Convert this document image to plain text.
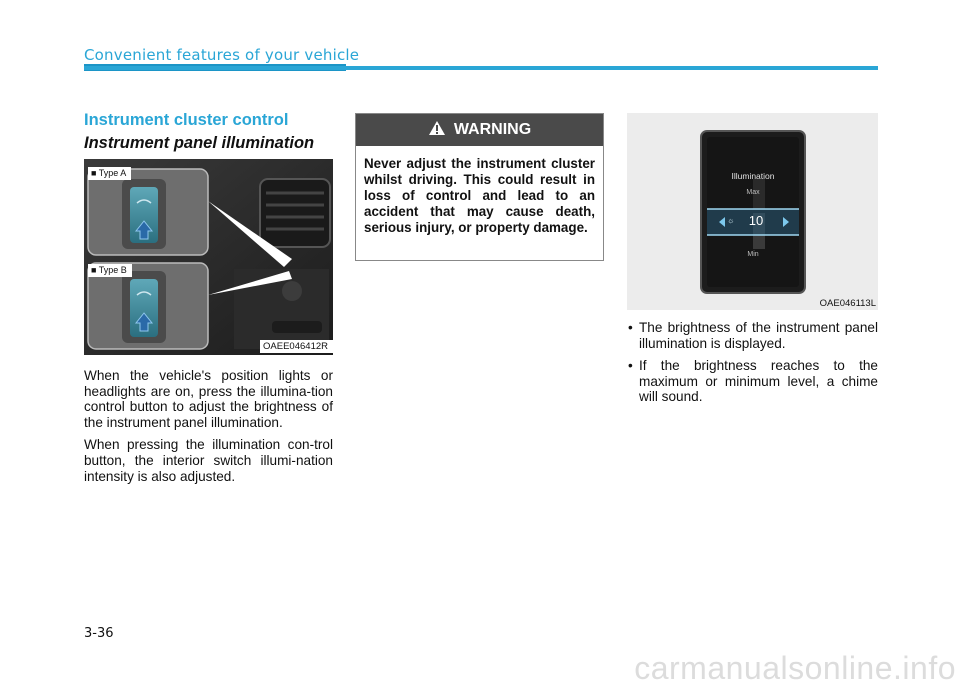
Convenient features of your vehicle
Instrument cluster control
Instrument panel illumination
■ Type A
■ Type B
OAEE046412R

When the vehicle's position lights or headlights are on, press the illumina-tion control button to adjust the brightness of the instrument panel illumination.

When pressing the illumination con-trol button, the interior switch illumi-nation intensity is also adjusted.

WARNING
Never adjust the instrument cluster whilst driving. This could result in loss of control and lead to an accident that may cause death, serious injury, or property damage.
Illumination
Max
☼	10
Min
OAE046113L
• The brightness of the instrument panel illumination is displayed.
• If the brightness reaches to the maximum or minimum level, a chime will sound.
3-36
carmanualsonline.info
